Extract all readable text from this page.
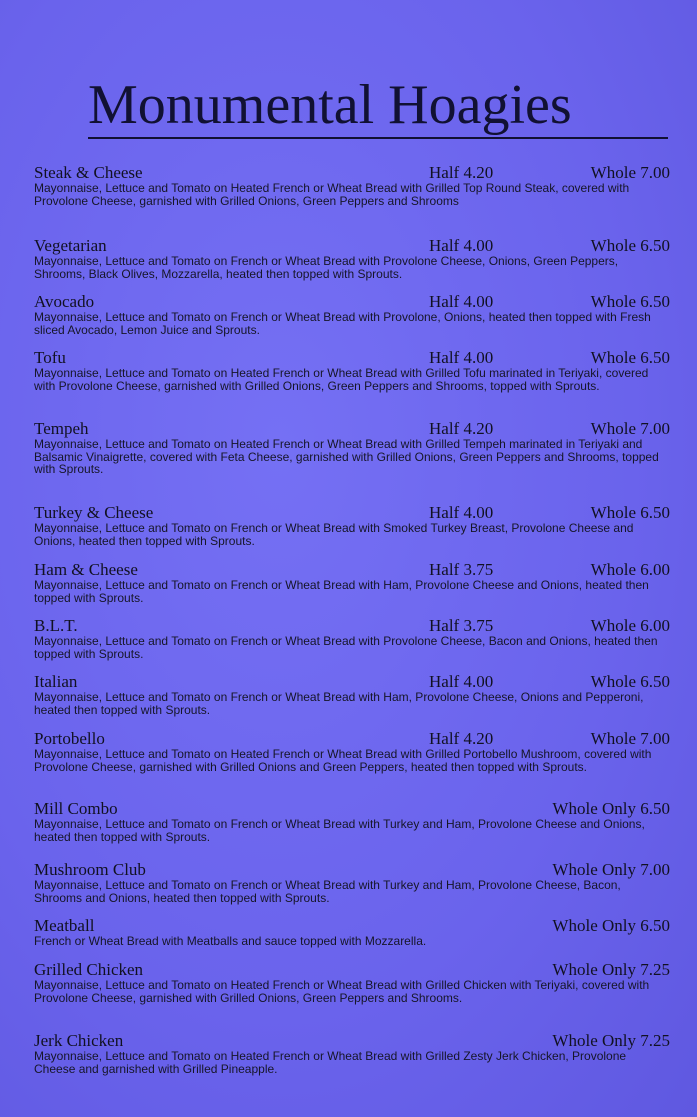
Monumental Hoagies
Steak & Cheese	Half 4.20	Whole 7.00
Mayonnaise, Lettuce and Tomato on Heated French or Wheat Bread with Grilled Top Round Steak, covered with Provolone Cheese, garnished with Grilled Onions, Green Peppers and Shrooms
Vegetarian	Half 4.00	Whole 6.50
Mayonnaise, Lettuce and Tomato on French or Wheat Bread with Provolone Cheese, Onions, Green Peppers, Shrooms, Black Olives, Mozzarella, heated then topped with Sprouts.
Avocado	Half 4.00	Whole 6.50
Mayonnaise, Lettuce and Tomato on French or Wheat Bread with Provolone, Onions, heated then topped with Fresh sliced Avocado, Lemon Juice and Sprouts.
Tofu	Half 4.00	Whole 6.50
Mayonnaise, Lettuce and Tomato on Heated French or Wheat Bread with Grilled Tofu marinated in Teriyaki, covered with Provolone Cheese, garnished with Grilled Onions, Green Peppers and Shrooms, topped with Sprouts.
Tempeh	Half 4.20	Whole 7.00
Mayonnaise, Lettuce and Tomato on Heated French or Wheat Bread with Grilled Tempeh marinated in Teriyaki and Balsamic Vinaigrette, covered with Feta Cheese, garnished with Grilled Onions, Green Peppers and Shrooms, topped with Sprouts.
Turkey & Cheese	Half 4.00	Whole 6.50
Mayonnaise, Lettuce and Tomato on French or Wheat Bread with Smoked Turkey Breast, Provolone Cheese and Onions, heated then topped with Sprouts.
Ham & Cheese	Half 3.75	Whole 6.00
Mayonnaise, Lettuce and Tomato on French or Wheat Bread with Ham, Provolone Cheese and Onions, heated then topped with Sprouts.
B.L.T.	Half 3.75	Whole 6.00
Mayonnaise, Lettuce and Tomato on French or Wheat Bread with Provolone Cheese, Bacon and Onions, heated then topped with Sprouts.
Italian	Half 4.00	Whole 6.50
Mayonnaise, Lettuce and Tomato on French or Wheat Bread with Ham, Provolone Cheese, Onions and Pepperoni, heated then topped with Sprouts.
Portobello	Half 4.20	Whole 7.00
Mayonnaise, Lettuce and Tomato on Heated French or Wheat Bread with Grilled Portobello Mushroom, covered with Provolone Cheese, garnished with Grilled Onions and Green Peppers, heated then topped with Sprouts.
Mill Combo	Whole Only 6.50
Mayonnaise, Lettuce and Tomato on French or Wheat Bread with Turkey and Ham, Provolone Cheese and Onions, heated then topped with Sprouts.
Mushroom Club	Whole Only 7.00
Mayonnaise, Lettuce and Tomato on French or Wheat Bread with Turkey and Ham, Provolone Cheese, Bacon, Shrooms and Onions, heated then topped with Sprouts.
Meatball	Whole Only 6.50
French or Wheat Bread with Meatballs and sauce topped with Mozzarella.
Grilled Chicken	Whole Only 7.25
Mayonnaise, Lettuce and Tomato on Heated French or Wheat Bread with Grilled Chicken with Teriyaki, covered with Provolone Cheese, garnished with Grilled Onions, Green Peppers and Shrooms.
Jerk Chicken	Whole Only 7.25
Mayonnaise, Lettuce and Tomato on Heated French or Wheat Bread with Grilled Zesty Jerk Chicken, Provolone Cheese and garnished with Grilled Pineapple.
